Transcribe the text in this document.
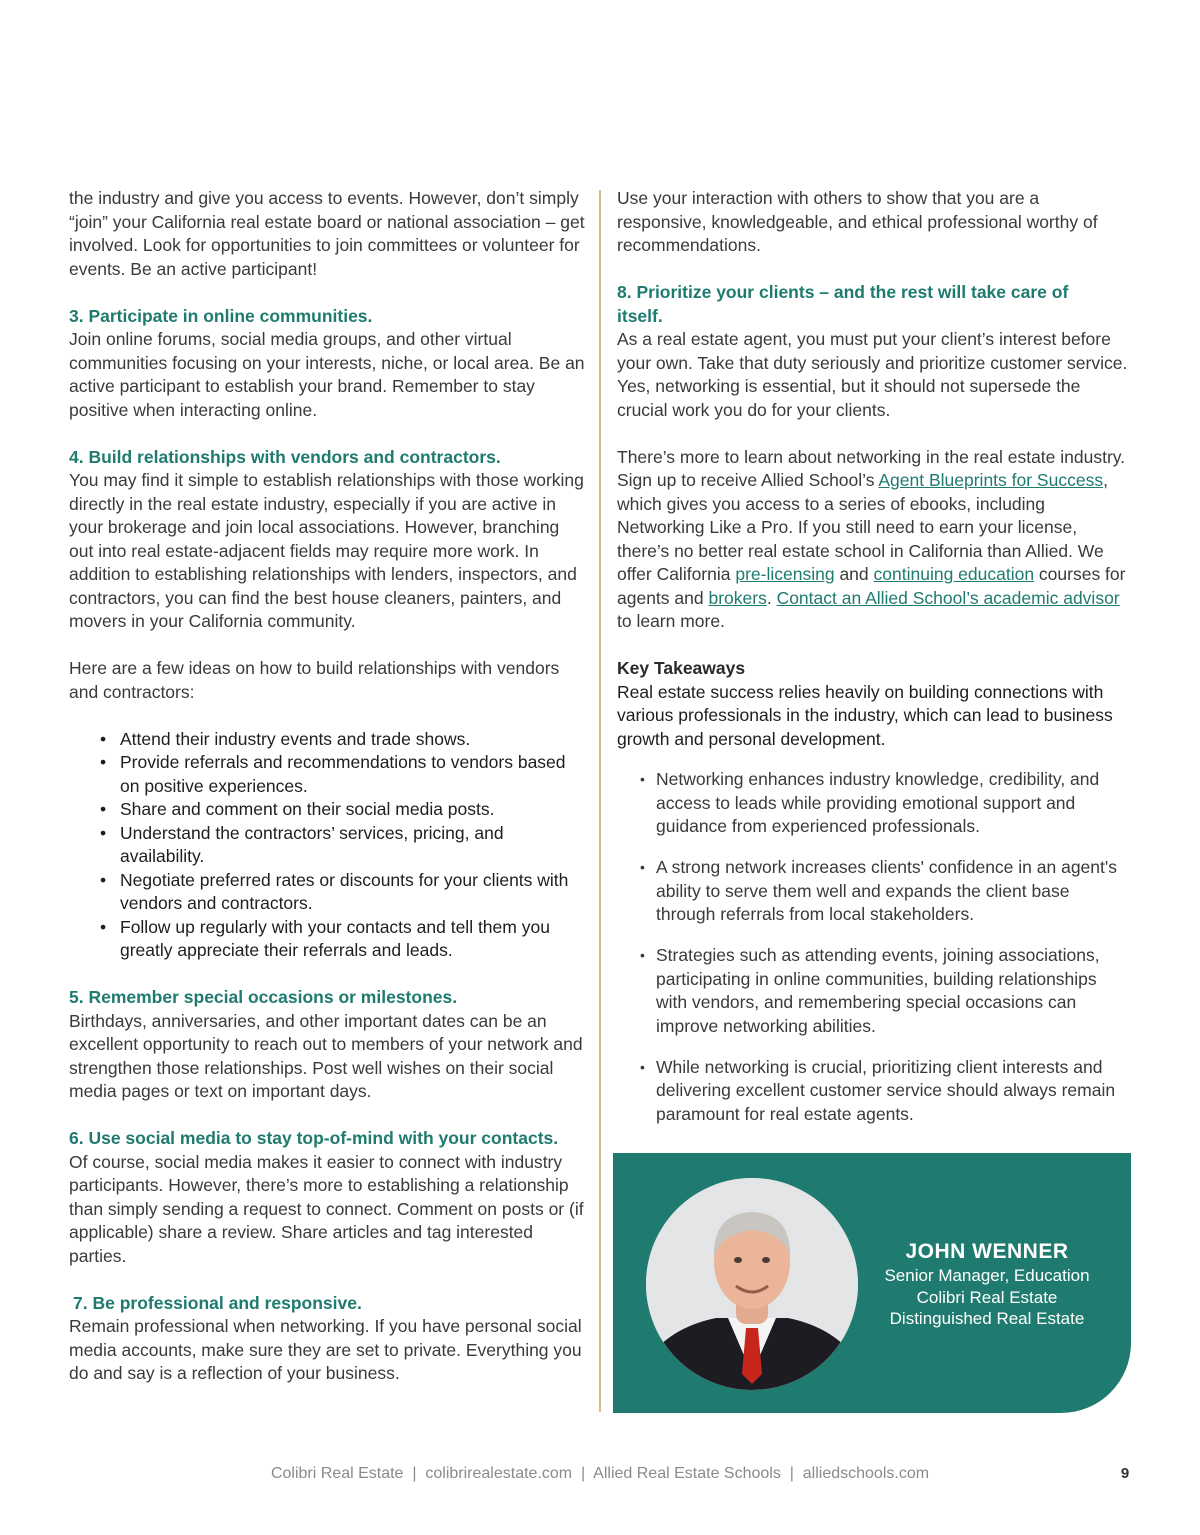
the industry and give you access to events. However, don’t simply “join” your California real estate board or national association – get involved. Look for opportunities to join committees or volunteer for events. Be an active participant!

3. Participate in online communities.

Join online forums, social media groups, and other virtual communities focusing on your interests, niche, or local area. Be an active participant to establish your brand. Remember to stay positive when interacting online.

4. Build relationships with vendors and contractors.

You may find it simple to establish relationships with those working directly in the real estate industry, especially if you are active in your brokerage and join local associations. However, branching out into real estate-adjacent fields may require more work. In addition to establishing relationships with lenders, inspectors, and contractors, you can find the best house cleaners, painters, and movers in your California community.

Here are a few ideas on how to build relationships with vendors and contractors:

• Attend their industry events and trade shows.
• Provide referrals and recommendations to vendors based on positive experiences.
• Share and comment on their social media posts.
• Understand the contractors’ services, pricing, and availability.
• Negotiate preferred rates or discounts for your clients with vendors and contractors.
• Follow up regularly with your contacts and tell them you greatly appreciate their referrals and leads.

5. Remember special occasions or milestones.

Birthdays, anniversaries, and other important dates can be an excellent opportunity to reach out to members of your network and strengthen those relationships. Post well wishes on their social media pages or text on important days.

6. Use social media to stay top-of-mind with your contacts.

Of course, social media makes it easier to connect with industry participants. However, there’s more to establishing a relationship than simply sending a request to connect. Comment on posts or (if applicable) share a review. Share articles and tag interested parties.

7. Be professional and responsive.

Remain professional when networking. If you have personal social media accounts, make sure they are set to private. Everything you do and say is a reflection of your business.

Use your interaction with others to show that you are a responsive, knowledgeable, and ethical professional worthy of recommendations.

8. Prioritize your clients – and the rest will take care of itself.

As a real estate agent, you must put your client’s interest before your own. Take that duty seriously and prioritize customer service. Yes, networking is essential, but it should not supersede the crucial work you do for your clients.

There’s more to learn about networking in the real estate industry. Sign up to receive Allied School’s Agent Blueprints for Success, which gives you access to a series of ebooks, including Networking Like a Pro. If you still need to earn your license, there’s no better real estate school in California than Allied. We offer California pre-licensing and continuing education courses for agents and brokers. Contact an Allied School’s academic advisor to learn more.

Key Takeaways

Real estate success relies heavily on building connections with various professionals in the industry, which can lead to business growth and personal development.

• Networking enhances industry knowledge, credibility, and access to leads while providing emotional support and guidance from experienced professionals.
• A strong network increases clients' confidence in an agent's ability to serve them well and expands the client base through referrals from local stakeholders.
• Strategies such as attending events, joining associations, participating in online communities, building relationships with vendors, and remembering special occasions can improve networking abilities.
• While networking is crucial, prioritizing client interests and delivering excellent customer service should always remain paramount for real estate agents.
JOHN WENNER
Senior Manager, Education
Colibri Real Estate
Distinguished Real Estate
Colibri Real Estate  |  colibrirealestate.com  |  Allied Real Estate Schools  |  alliedschools.com	9
